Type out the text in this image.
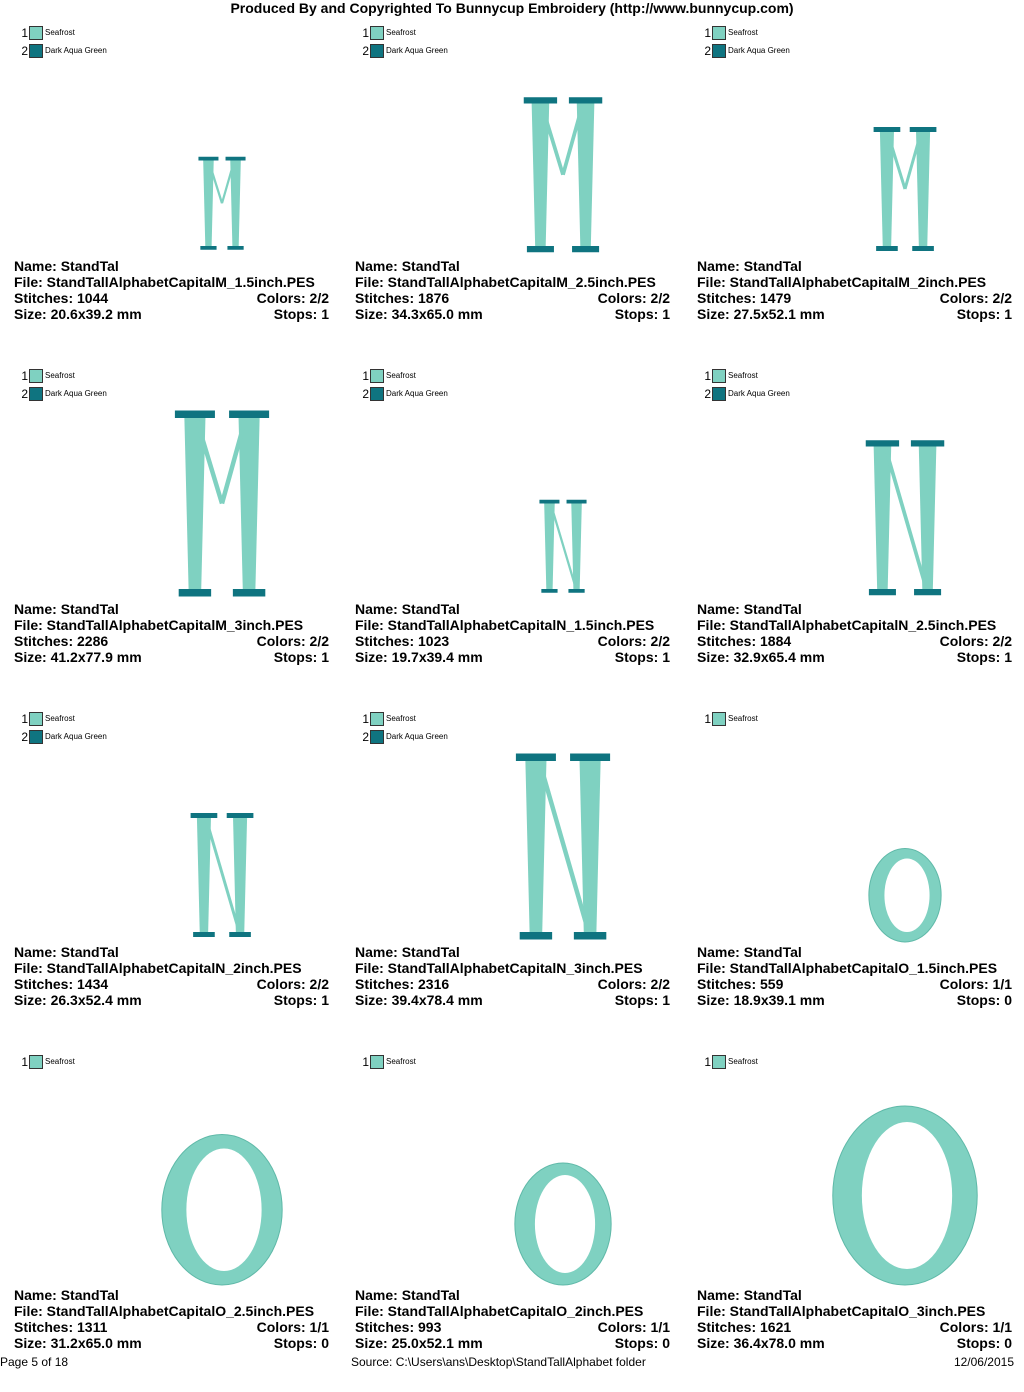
Produced By and Copyrighted To Bunnycup Embroidery (http://www.bunnycup.com)
1 Seafrost
2 Dark Aqua Green
Name: StandTal
File: StandTallAlphabetCapitalM_1.5inch.PES
Stitches: 1044	Colors: 2/2
Size: 20.6x39.2 mm	Stops: 1
1 Seafrost
2 Dark Aqua Green
Name: StandTal
File: StandTallAlphabetCapitalM_2.5inch.PES
Stitches: 1876	Colors: 2/2
Size: 34.3x65.0 mm	Stops: 1
1 Seafrost
2 Dark Aqua Green
Name: StandTal
File: StandTallAlphabetCapitalM_2inch.PES
Stitches: 1479	Colors: 2/2
Size: 27.5x52.1 mm	Stops: 1
1 Seafrost
2 Dark Aqua Green
Name: StandTal
File: StandTallAlphabetCapitalM_3inch.PES
Stitches: 2286	Colors: 2/2
Size: 41.2x77.9 mm	Stops: 1
1 Seafrost
2 Dark Aqua Green
Name: StandTal
File: StandTallAlphabetCapitalN_1.5inch.PES
Stitches: 1023	Colors: 2/2
Size: 19.7x39.4 mm	Stops: 1
1 Seafrost
2 Dark Aqua Green
Name: StandTal
File: StandTallAlphabetCapitalN_2.5inch.PES
Stitches: 1884	Colors: 2/2
Size: 32.9x65.4 mm	Stops: 1
1 Seafrost
2 Dark Aqua Green
Name: StandTal
File: StandTallAlphabetCapitalN_2inch.PES
Stitches: 1434	Colors: 2/2
Size: 26.3x52.4 mm	Stops: 1
1 Seafrost
2 Dark Aqua Green
Name: StandTal
File: StandTallAlphabetCapitalN_3inch.PES
Stitches: 2316	Colors: 2/2
Size: 39.4x78.4 mm	Stops: 1
1 Seafrost
Name: StandTal
File: StandTallAlphabetCapitalO_1.5inch.PES
Stitches: 559	Colors: 1/1
Size: 18.9x39.1 mm	Stops: 0
1 Seafrost
Name: StandTal
File: StandTallAlphabetCapitalO_2.5inch.PES
Stitches: 1311	Colors: 1/1
Size: 31.2x65.0 mm	Stops: 0
1 Seafrost
Name: StandTal
File: StandTallAlphabetCapitalO_2inch.PES
Stitches: 993	Colors: 1/1
Size: 25.0x52.1 mm	Stops: 0
1 Seafrost
Name: StandTal
File: StandTallAlphabetCapitalO_3inch.PES
Stitches: 1621	Colors: 1/1
Size: 36.4x78.0 mm	Stops: 0
Page 5 of 18	Source: C:\Users\ans\Desktop\StandTallAlphabet folder	12/06/2015
